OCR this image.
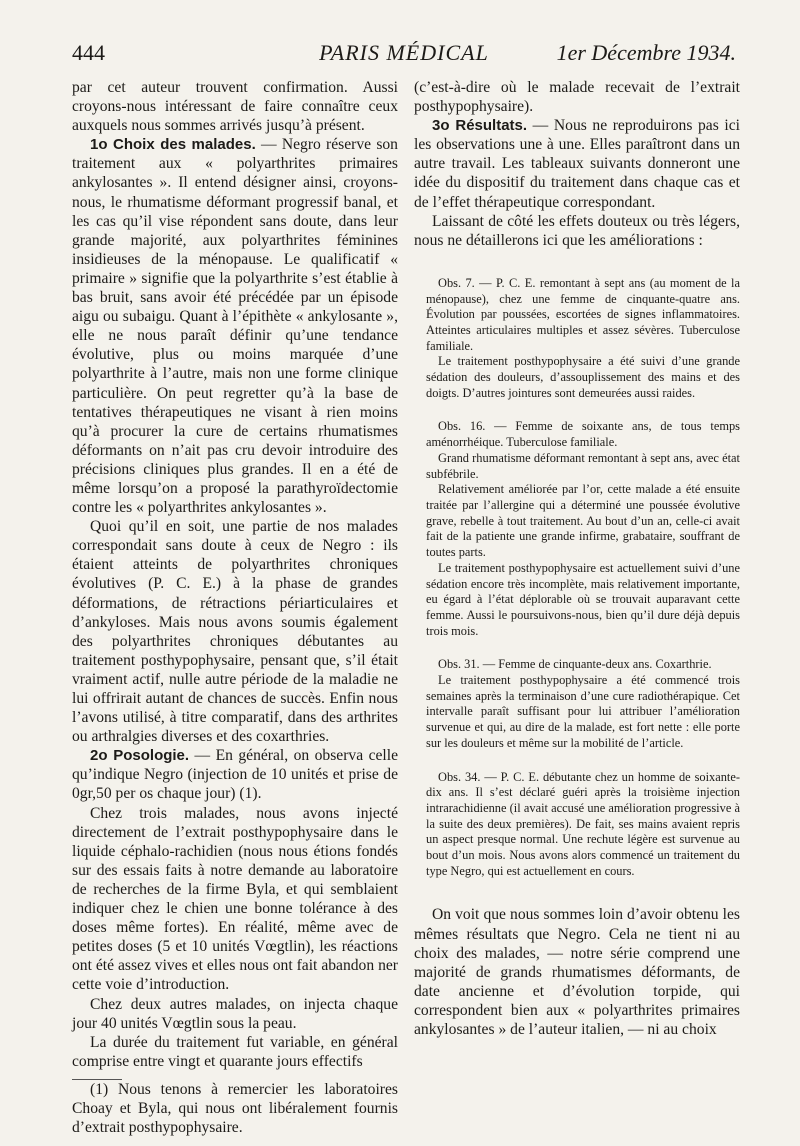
444	PARIS MÉDICAL	1er Décembre 1934.

par cet auteur trouvent confirmation. Aussi croyons-nous intéressant de faire connaître ceux auxquels nous sommes arrivés jusqu’à présent.

1o Choix des malades. — Negro réserve son traitement aux « polyarthrites primaires ankylosantes ». Il entend désigner ainsi, croyons-nous, le rhumatisme déformant progressif banal, et les cas qu’il vise répondent sans doute, dans leur grande majorité, aux polyarthrites féminines insidieuses de la ménopause. Le qualificatif « primaire » signifie que la polyarthrite s’est établie à bas bruit, sans avoir été précédée par un épisode aigu ou subaigu. Quant à l’épithète « ankylosante », elle ne nous paraît définir qu’une tendance évolutive, plus ou moins marquée d’une polyarthrite à l’autre, mais non une forme clinique particulière. On peut regretter qu’à la base de tentatives thérapeutiques ne visant à rien moins qu’à procurer la cure de certains rhumatismes déformants on n’ait pas cru devoir introduire des précisions cliniques plus grandes. Il en a été de même lorsqu’on a proposé la parathyroïdectomie contre les « polyarthrites ankylosantes ».

Quoi qu’il en soit, une partie de nos malades correspondait sans doute à ceux de Negro : ils étaient atteints de polyarthrites chroniques évolutives (P. C. E.) à la phase de grandes déformations, de rétractions périarticulaires et d’ankyloses. Mais nous avons soumis également des polyarthrites chroniques débutantes au traitement posthypophysaire, pensant que, s’il était vraiment actif, nulle autre période de la maladie ne lui offrirait autant de chances de succès. Enfin nous l’avons utilisé, à titre comparatif, dans des arthrites ou arthralgies diverses et des coxarthries.

2o Posologie. — En général, on observa celle qu’indique Negro (injection de 10 unités et prise de 0gr,50 per os chaque jour) (1).

Chez trois malades, nous avons injecté directement de l’extrait posthypophysaire dans le liquide céphalo-rachidien (nous nous étions fondés sur des essais faits à notre demande au laboratoire de recherches de la firme Byla, et qui semblaient indiquer chez le chien une bonne tolérance à des doses même fortes). En réalité, même avec de petites doses (5 et 10 unités Vœgtlin), les réactions ont été assez vives et elles nous ont fait abandon ner cette voie d’introduction.

Chez deux autres malades, on injecta chaque jour 40 unités Vœgtlin sous la peau.

La durée du traitement fut variable, en général comprise entre vingt et quarante jours effectifs

(1) Nous tenons à remercier les laboratoires Choay et Byla, qui nous ont libéralement fournis d’extrait posthypophysaire.

(c’est-à-dire où le malade recevait de l’extrait posthypophysaire).

3o Résultats. — Nous ne reproduirons pas ici les observations une à une. Elles paraîtront dans un autre travail. Les tableaux suivants donneront une idée du dispositif du traitement dans chaque cas et de l’effet thérapeutique correspondant.

Laissant de côté les effets douteux ou très légers, nous ne détaillerons ici que les améliorations :

Obs. 7. — P. C. E. remontant à sept ans (au moment de la ménopause), chez une femme de cinquante-quatre ans. Évolution par poussées, escortées de signes inflammatoires. Atteintes articulaires multiples et assez sévères. Tuberculose familiale.

Le traitement posthypophysaire a été suivi d’une grande sédation des douleurs, d’assouplissement des mains et des doigts. D’autres jointures sont demeurées aussi raides.

Obs. 16. — Femme de soixante ans, de tous temps aménorrhéique. Tuberculose familiale.

Grand rhumatisme déformant remontant à sept ans, avec état subfébrile.

Relativement améliorée par l’or, cette malade a été ensuite traitée par l’allergine qui a déterminé une poussée évolutive grave, rebelle à tout traitement. Au bout d’un an, celle-ci avait fait de la patiente une grande infirme, grabataire, souffrant de toutes parts.

Le traitement posthypophysaire est actuellement suivi d’une sédation encore très incomplète, mais relativement importante, eu égard à l’état déplorable où se trouvait auparavant cette femme. Aussi le poursuivons-nous, bien qu’il dure déjà depuis trois mois.

Obs. 31. — Femme de cinquante-deux ans. Coxarthrie.

Le traitement posthypophysaire a été commencé trois semaines après la terminaison d’une cure radiothérapique. Cet intervalle paraît suffisant pour lui attribuer l’amélioration survenue et qui, au dire de la malade, est fort nette : elle porte sur les douleurs et même sur la mobilité de l’article.

Obs. 34. — P. C. E. débutante chez un homme de soixante-dix ans. Il s’est déclaré guéri après la troisième injection intrarachidienne (il avait accusé une amélioration progressive à la suite des deux premières). De fait, ses mains avaient repris un aspect presque normal. Une rechute légère est survenue au bout d’un mois. Nous avons alors commencé un traitement du type Negro, qui est actuellement en cours.

On voit que nous sommes loin d’avoir obtenu les mêmes résultats que Negro. Cela ne tient ni au choix des malades, — notre série comprend une majorité de grands rhumatismes déformants, de date ancienne et d’évolution torpide, qui correspondent bien aux « polyarthrites primaires ankylosantes » de l’auteur italien, — ni au choix
